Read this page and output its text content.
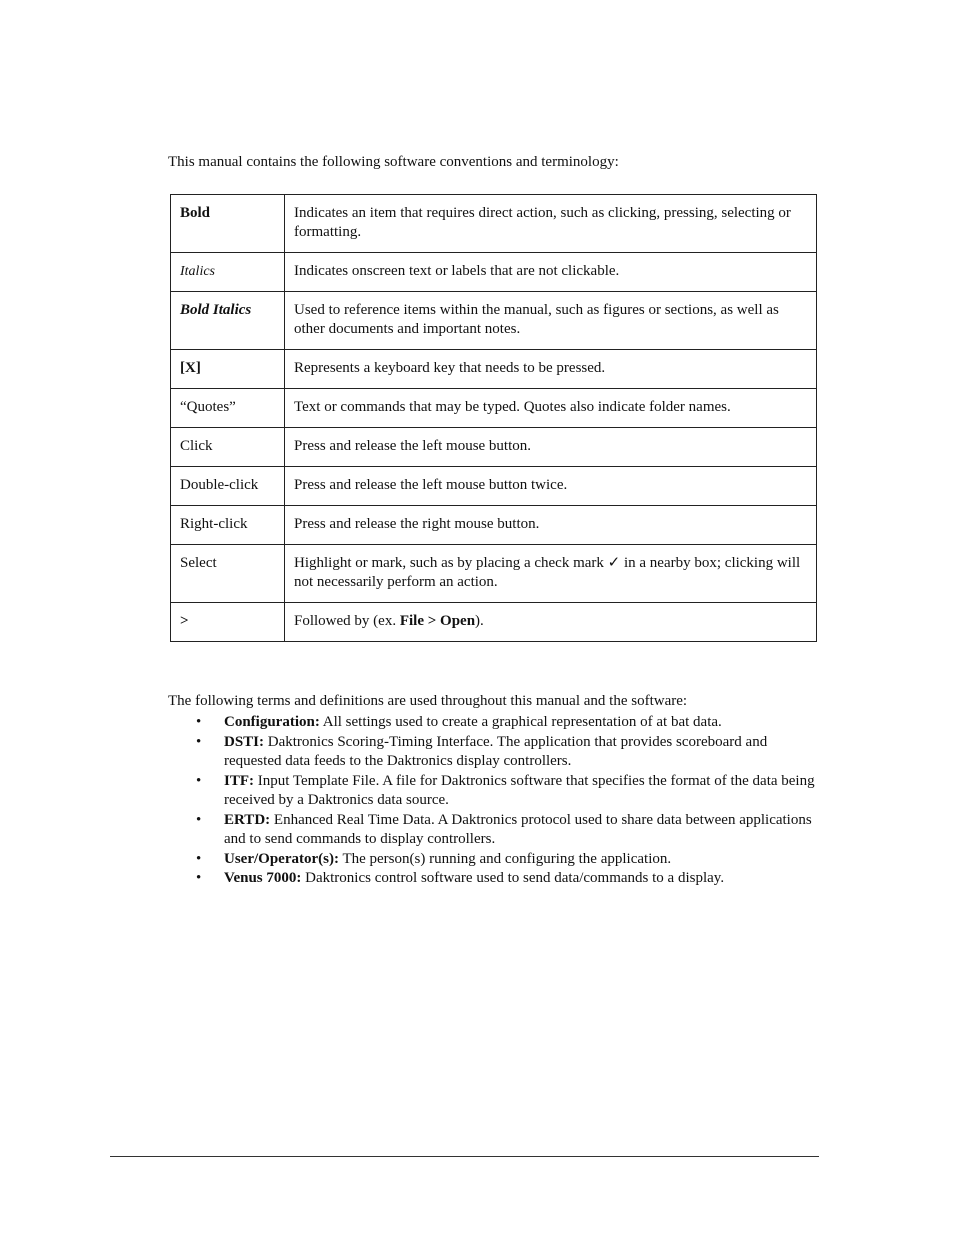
This manual contains the following software conventions and terminology:

Bold	Indicates an item that requires direct action, such as clicking, pressing, selecting or formatting.
Italics	Indicates onscreen text or labels that are not clickable.
Bold Italics	Used to reference items within the manual, such as figures or sections, as well as other documents and important notes.
[X]	Represents a keyboard key that needs to be pressed.
“Quotes”	Text or commands that may be typed. Quotes also indicate folder names.
Click	Press and release the left mouse button.
Double-click	Press and release the left mouse button twice.
Right-click	Press and release the right mouse button.
Select	Highlight or mark, such as by placing a check mark ✓ in a nearby box; clicking will not necessarily perform an action.
>	Followed by (ex. File > Open).

The following terms and definitions are used throughout this manual and the software:

• Configuration: All settings used to create a graphical representation of at bat data.
• DSTI: Daktronics Scoring-Timing Interface. The application that provides scoreboard and requested data feeds to the Daktronics display controllers.
• ITF: Input Template File. A file for Daktronics software that specifies the format of the data being received by a Daktronics data source.
• ERTD: Enhanced Real Time Data. A Daktronics protocol used to share data between applications and to send commands to display controllers.
• User/Operator(s): The person(s) running and configuring the application.
• Venus 7000: Daktronics control software used to send data/commands to a display.
